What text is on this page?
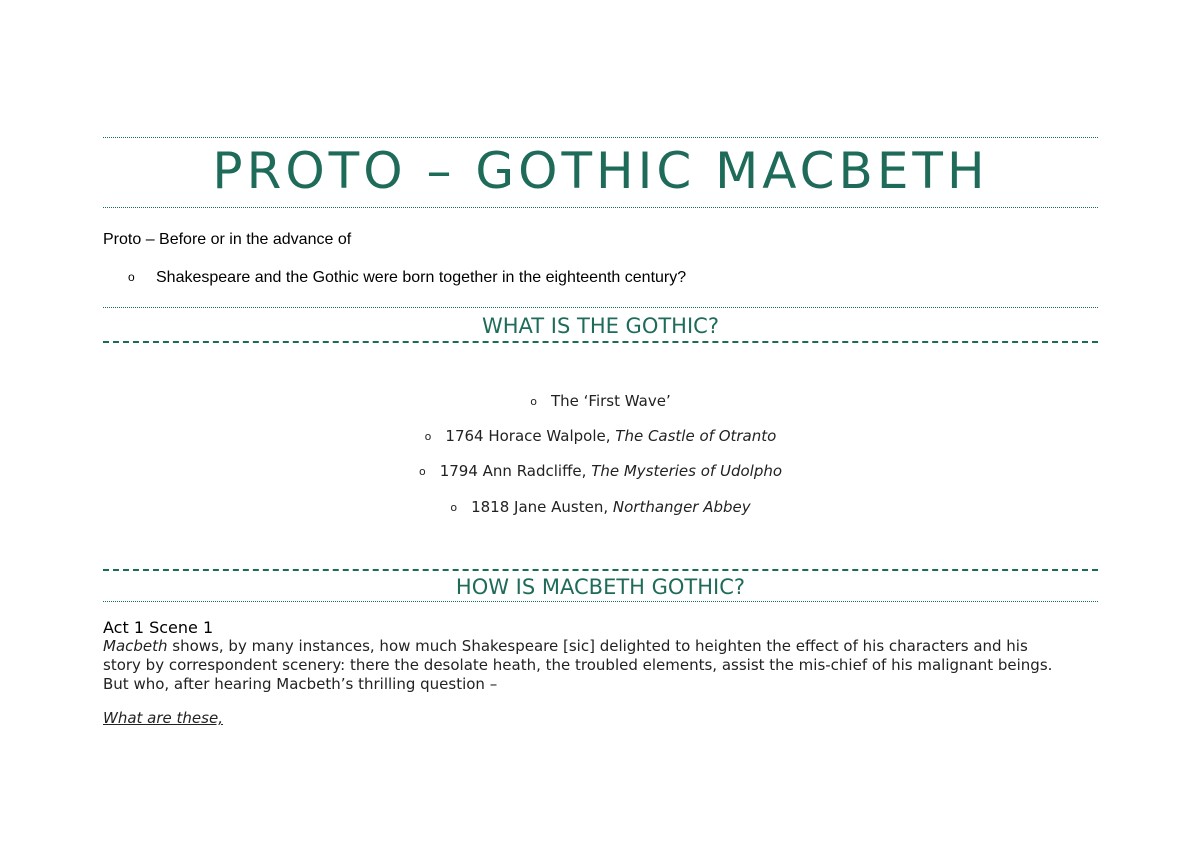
PROTO – GOTHIC MACBETH
Proto – Before or in the advance of
o Shakespeare and the Gothic were born together in the eighteenth century?
WHAT IS THE GOTHIC?
o The ‘First Wave’
o 1764 Horace Walpole, The Castle of Otranto
o 1794 Ann Radcliffe, The Mysteries of Udolpho
o 1818 Jane Austen, Northanger Abbey
HOW IS MACBETH GOTHIC?
Act 1 Scene 1
Macbeth shows, by many instances, how much Shakespeare [sic] delighted to heighten the effect of his characters and his
story by correspondent scenery: there the desolate heath, the troubled elements, assist the mis-chief of his malignant beings.
But who, after hearing Macbeth’s thrilling question –
What are these,
